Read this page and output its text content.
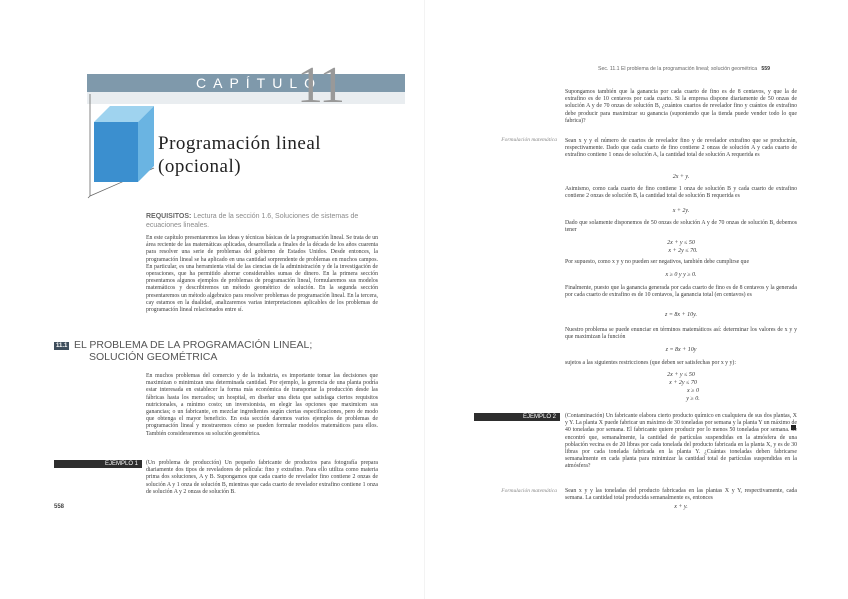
CAPÍTULO
11
Programación lineal
(opcional)
REQUISITOS: Lectura de la sección 1.6, Soluciones de sistemas de ecuaciones lineales.
En este capítulo presentaremos las ideas y técnicas básicas de la programación lineal. Se trata de un área reciente de las matemáticas aplicadas, desarrollada a finales de la década de los años cuarenta para resolver una serie de problemas del gobierno de Estados Unidos. Desde entonces, la programación lineal se ha aplicado en una cantidad sorprendente de problemas en muchos campos. En particular, es una herramienta vital de las ciencias de la administración y de la investigación de operaciones, que ha permitido ahorrar considerables sumas de dinero. En la primera sección presentamos algunos ejemplos de problemas de programación lineal, formularemos sus modelos matemáticos y describiremos un método geométrico de solución. En la segunda sección presentaremos un método algebraico para resolver problemas de programación lineal. En la tercera, cay estamos en la dualidad, analizaremos varias interpretaciones aplicables de los problemas de programación lineal relacionados entre sí.
11.1 EL PROBLEMA DE LA PROGRAMACIÓN LINEAL;
SOLUCIÓN GEOMÉTRICA
En muchos problemas del comercio y de la industria, es importante tomar las decisiones que maximizan o minimizan una determinada cantidad. Por ejemplo, la gerencia de una planta podría estar interesada en establecer la forma más económica de transportar la producción desde las fábricas hasta los mercados; un hospital, en diseñar una dieta que satisfaga ciertos requisitos nutricionales, a mínimo costo; un inversionista, en elegir las opciones que maximicen sus ganancias; o un fabricante, en mezclar ingredientes según ciertas especificaciones, pero de modo que obtenga el mayor beneficio. En esta sección daremos varios ejemplos de problemas de programación lineal y mostraremos cómo se pueden formular modelos matemáticos para ellos. También consideraremos su solución geométrica.
EJEMPLO 1	(Un problema de producción) Un pequeño fabricante de productos para fotografía prepara diariamente dos tipos de reveladores de película: fino y extrafino. Para ello utiliza como materia prima dos soluciones, A y B. Supongamos que cada cuarto de revelador fino contiene 2 onzas de solución A y 1 onza de solución B, mientras que cada cuarto de revelador extrafino contiene 1 onza de solución A y 2 onzas de solución B.
558
Sec. 11.1 El problema de la programación lineal; solución geométrica 559
Supongamos también que la ganancia por cada cuarto de fino es de 8 centavos, y que la de extrafino es de 10 centavos por cada cuarto. Si la empresa dispone diariamente de 50 onzas de solución A y de 70 onzas de solución B, ¿cuántos cuartos de revelador fino y cuántos de extrafino debe producir para maximizar su ganancia (suponiendo que la tienda puede vender todo lo que fabrica)?
Formulación matemática Sean x y y el número de cuartos de revelador fino y de revelador extrafino que se producirán, respectivamente. Dado que cada cuarto de fino contiene 2 onzas de solución A y cada cuarto de extrafino contiene 1 onza de solución A, la cantidad total de solución A requerida es
2x + y.
Asimismo, como cada cuarto de fino contiene 1 onza de solución B y cada cuarto de extrafino contiene 2 onzas de solución B, la cantidad total de solución B requerida es
x + 2y.
Dado que solamente disponemos de 50 onzas de solución A y de 70 onzas de solución B, debemos tener
2x + y ≤ 50
x + 2y ≤ 70.
Por supuesto, como x y y no pueden ser negativos, también debe cumplirse que
x ≥ 0 y y ≥ 0.
Finalmente, puesto que la ganancia generada por cada cuarto de fino es de 8 centavos y la generada por cada cuarto de extrafino es de 10 centavos, la ganancia total (en centavos) es
z = 8x + 10y.
Nuestro problema se puede enunciar en términos matemáticos así: determinar los valores de x y y que maximizan la función
z = 8x + 10y
sujetos a las siguientes restricciones (que deben ser satisfechas por x y y):
2x + y ≤ 50
x + 2y ≤ 70
x ≥ 0
y ≥ 0.
EJEMPLO 2	(Contaminación) Un fabricante elabora cierto producto químico en cualquiera de sus dos plantas, X y Y. La planta X puede fabricar un máximo de 30 toneladas por semana y la planta Y un máximo de 40 toneladas por semana. El fabricante quiere producir por lo menos 50 toneladas por semana. Se encontró que, semanalmente, la cantidad de partículas suspendidas en la atmósfera de una población vecina es de 20 libras por cada tonelada del producto fabricada en la planta X, y es de 30 libras por cada tonelada fabricada en la planta Y. ¿Cuántas toneladas deben fabricarse semanalmente en cada planta para minimizar la cantidad total de partículas suspendidas en la atmósfera?
Formulación matemática Sean x y y las toneladas del producto fabricadas en las plantas X y Y, respectivamente, cada semana. La cantidad total producida semanalmente es, entonces
x + y.
